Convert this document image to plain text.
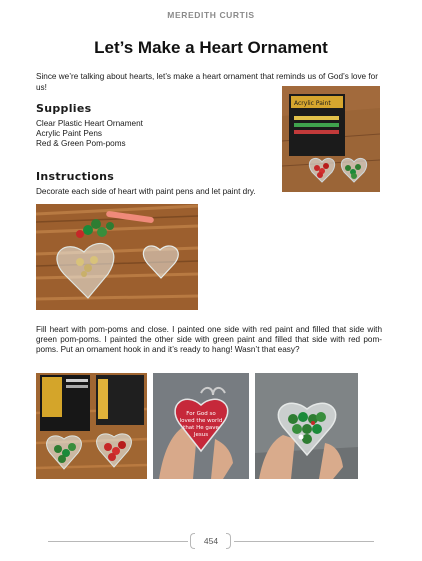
MEREDITH CURTIS
Let’s Make a Heart Ornament
Since we’re talking about hearts, let’s make a heart ornament that reminds us of God’s love for us!
Supplies
Clear Plastic Heart Ornament
Acrylic Paint Pens
Red & Green Pom-poms
Acrylic Paint
Instructions
Decorate each side of heart with paint pens and let paint dry.
Fill heart with pom-poms and close. I painted one side with red paint and filled that side with green pom-poms. I painted the other side with green paint and filled that side with red pom-poms. Put an ornament hook in and it’s ready to hang! Wasn’t that easy?
For God so
loved the world
that He gave
Jesus
454
